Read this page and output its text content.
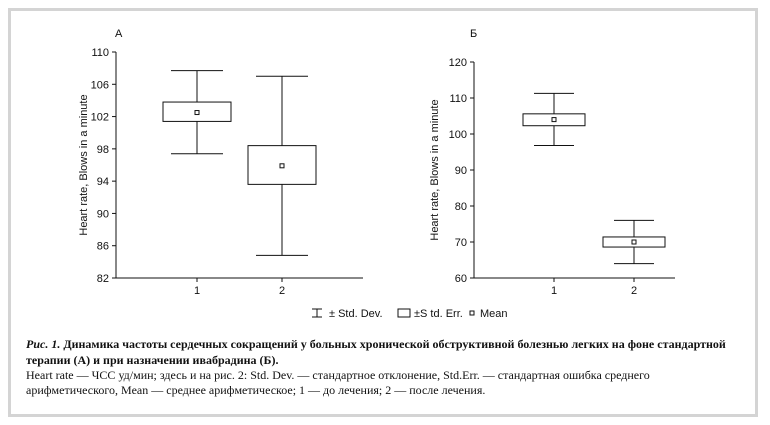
А
82
86
90
94
98
102
106
110
1	2
Heart rate, Blows in a minute
Б
60
70
80
90
100
110
120
1	2
Heart rate, Blows in a minute
± Std. Dev.	±S td. Err. Mean
Рис. 1. Динамика частоты сердечных сокращений у больных хронической обструктивной болезнью легких на фоне стандартной терапии (А) и при назначении ивабрадина (Б).
Heart rate — ЧСС уд/мин; здесь и на рис. 2: Std. Dev. — стандартное отклонение, Std.Err. — стандартная ошибка среднего арифметического, Mean — среднее арифметическое; 1 — до лечения; 2 — после лечения.
